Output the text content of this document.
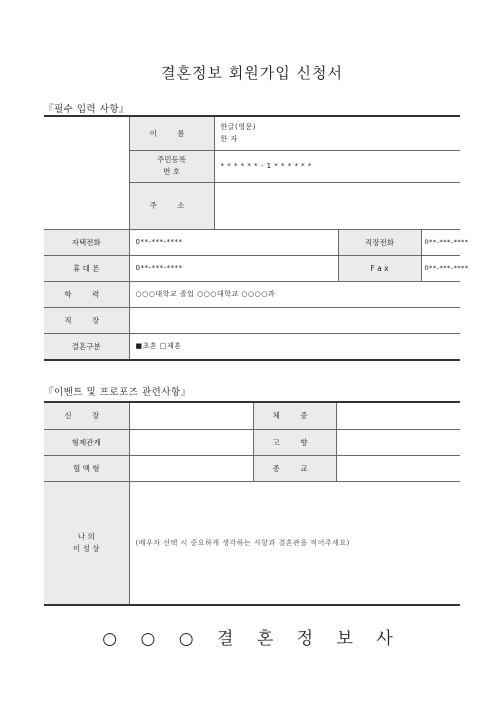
결혼정보 회원가입 신청서
『필수 입력 사항』
	이 름	한글(영문)
한 자		

	주민등록
번 호	* * * * * * - 1 * * * * * *		
	주 소			
자택전화	0**-***-****		직장전화	0**-***-****
휴 대 폰	0**-***-****		F a x	0**-***-****
학 력	○○○대학교 졸업 ○○○대학교 ○○○○과			
직 장				
결혼구분	■초혼 □재혼			
『이벤트 및 프로포즈 관련사항』
신 장		체 중	
형제관계		고 향	
혈 액 형		종 교	

나 의
이 성 상	(배우자 선택 시 중요하게 생각하는 사항과 결혼관을 적어주세요)		
○ ○ ○ 결 혼 정 보 사
